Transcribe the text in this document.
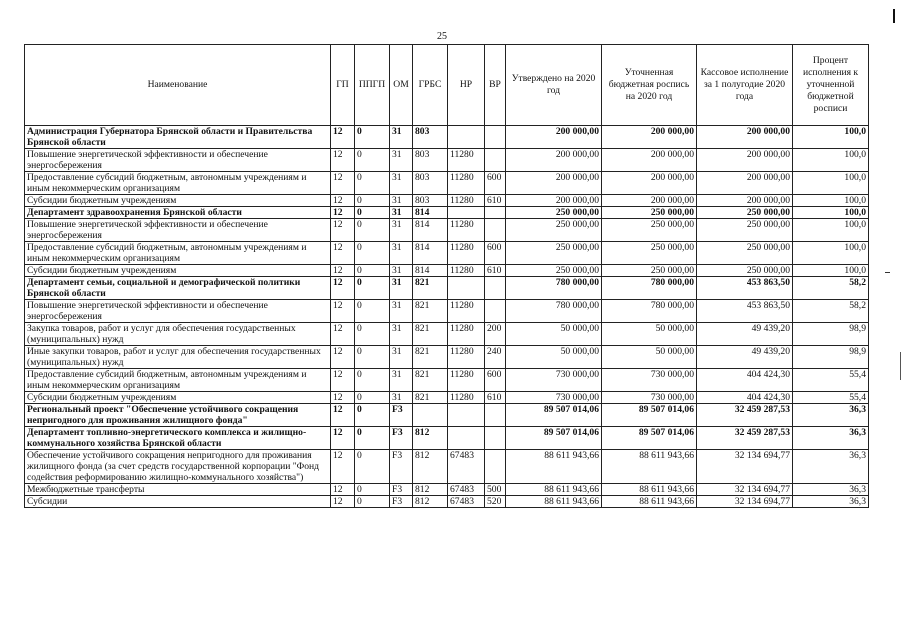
25
Наименование	ГП	ППГП	ОМ	ГРБС	НР	ВР	Утверждено на 2020 год	Уточненная бюджетная роспись на 2020 год	Кассовое исполнение за 1 полугодие 2020 года	Процент исполнения к уточненной бюджетной росписи
Администрация Губернатора Брянской области и Правительства Брянской области	12	0	31	803			200 000,00	200 000,00	200 000,00	100,0
Повышение энергетической эффективности и обеспечение энергосбережения	12	0	31	803	11280		200 000,00	200 000,00	200 000,00	100,0
Предоставление субсидий бюджетным, автономным учреждениям и иным некоммерческим организациям	12	0	31	803	11280	600	200 000,00	200 000,00	200 000,00	100,0
Субсидии бюджетным учреждениям	12	0	31	803	11280	610	200 000,00	200 000,00	200 000,00	100,0
Департамент здравоохранения Брянской области	12	0	31	814			250 000,00	250 000,00	250 000,00	100,0
Повышение энергетической эффективности и обеспечение энергосбережения	12	0	31	814	11280		250 000,00	250 000,00	250 000,00	100,0
Предоставление субсидий бюджетным, автономным учреждениям и иным некоммерческим организациям	12	0	31	814	11280	600	250 000,00	250 000,00	250 000,00	100,0
Субсидии бюджетным учреждениям	12	0	31	814	11280	610	250 000,00	250 000,00	250 000,00	100,0
Департамент семьи, социальной и демографической политики Брянской области	12	0	31	821			780 000,00	780 000,00	453 863,50	58,2
Повышение энергетической эффективности и обеспечение энергосбережения	12	0	31	821	11280		780 000,00	780 000,00	453 863,50	58,2
Закупка товаров, работ и услуг для обеспечения государственных (муниципальных) нужд	12	0	31	821	11280	200	50 000,00	50 000,00	49 439,20	98,9
Иные закупки товаров, работ и услуг для обеспечения государственных (муниципальных) нужд	12	0	31	821	11280	240	50 000,00	50 000,00	49 439,20	98,9
Предоставление субсидий бюджетным, автономным учреждениям и иным некоммерческим организациям	12	0	31	821	11280	600	730 000,00	730 000,00	404 424,30	55,4
Субсидии бюджетным учреждениям	12	0	31	821	11280	610	730 000,00	730 000,00	404 424,30	55,4
Региональный проект "Обеспечение устойчивого сокращения непригодного для проживания жилищного фонда"	12	0	F3				89 507 014,06	89 507 014,06	32 459 287,53	36,3
Департамент топливно-энергетического комплекса и жилищно-коммунального хозяйства Брянской области	12	0	F3	812			89 507 014,06	89 507 014,06	32 459 287,53	36,3
Обеспечение устойчивого сокращения непригодного для проживания жилищного фонда (за счет средств государственной корпорации "Фонд содействия реформированию жилищно-коммунального хозяйства")	12	0	F3	812	67483		88 611 943,66	88 611 943,66	32 134 694,77	36,3
Межбюджетные трансферты	12	0	F3	812	67483	500	88 611 943,66	88 611 943,66	32 134 694,77	36,3
Субсидии	12	0	F3	812	67483	520	88 611 943,66	88 611 943,66	32 134 694,77	36,3
